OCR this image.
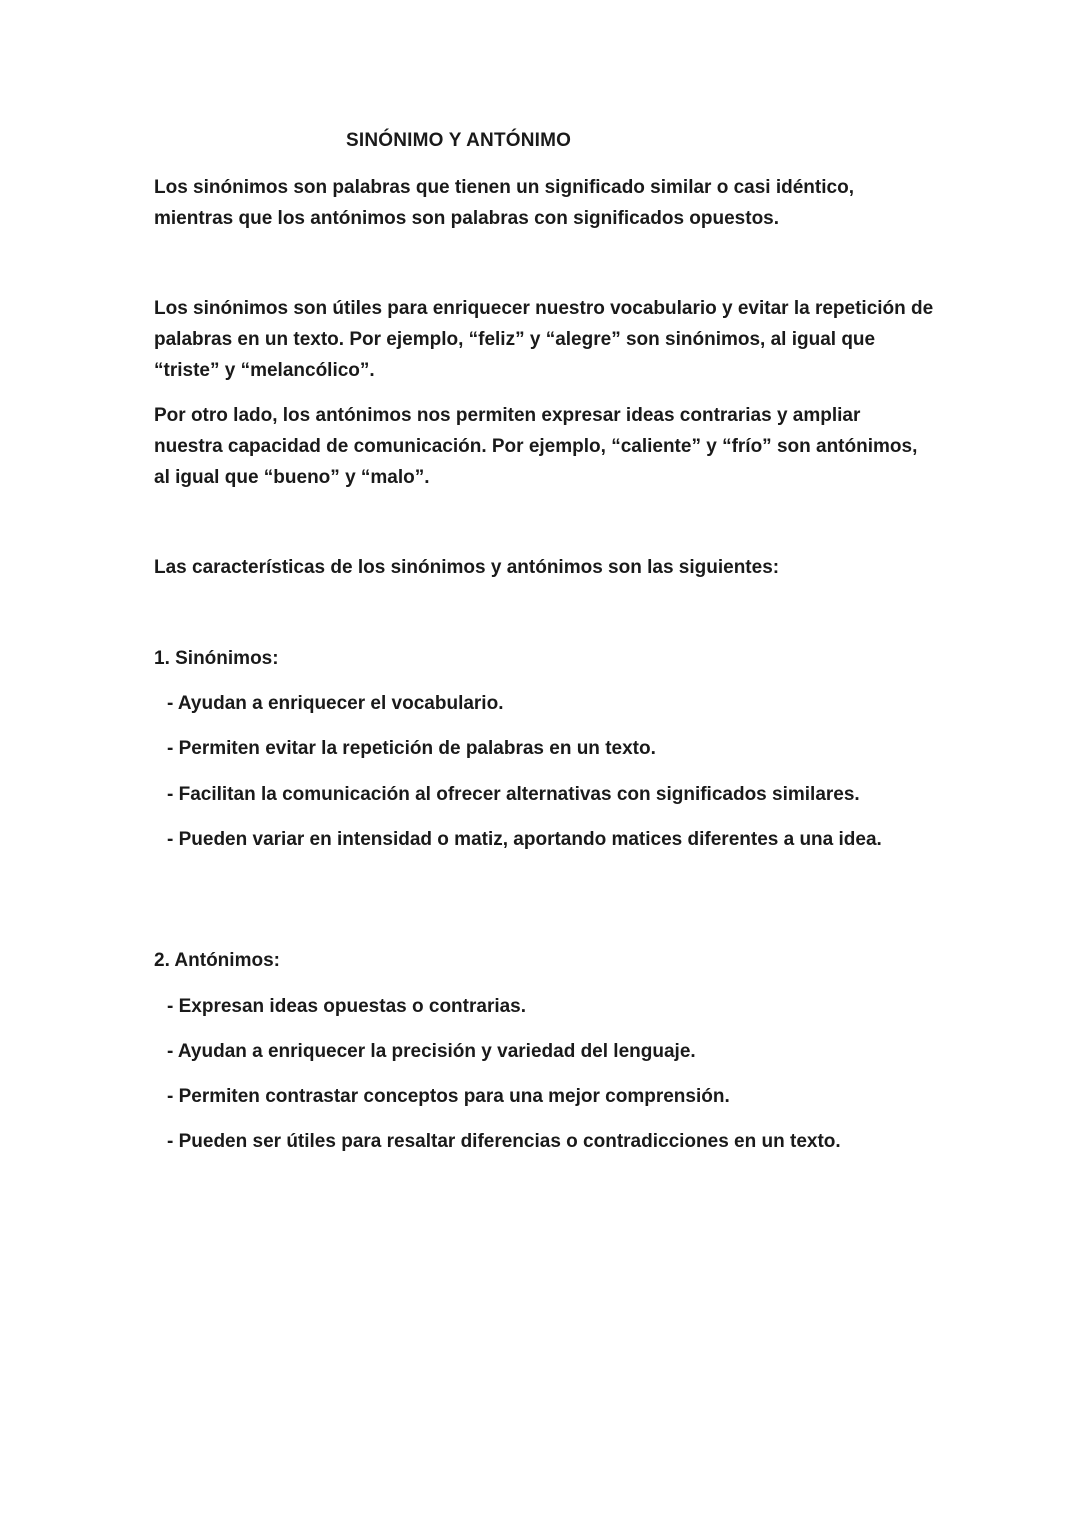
SINÓNIMO Y ANTÓNIMO

Los sinónimos son palabras que tienen un significado similar o casi idéntico, mientras que los antónimos son palabras con significados opuestos.

Los sinónimos son útiles para enriquecer nuestro vocabulario y evitar la repetición de palabras en un texto. Por ejemplo, “feliz” y “alegre” son sinónimos, al igual que “triste” y “melancólico”.

Por otro lado, los antónimos nos permiten expresar ideas contrarias y ampliar nuestra capacidad de comunicación. Por ejemplo, “caliente” y “frío” son antónimos, al igual que “bueno” y “malo”.

Las características de los sinónimos y antónimos son las siguientes:

1. Sinónimos:

- Ayudan a enriquecer el vocabulario.

- Permiten evitar la repetición de palabras en un texto.

- Facilitan la comunicación al ofrecer alternativas con significados similares.

- Pueden variar en intensidad o matiz, aportando matices diferentes a una idea.

2. Antónimos:

- Expresan ideas opuestas o contrarias.

- Ayudan a enriquecer la precisión y variedad del lenguaje.

- Permiten contrastar conceptos para una mejor comprensión.

- Pueden ser útiles para resaltar diferencias o contradicciones en un texto.
